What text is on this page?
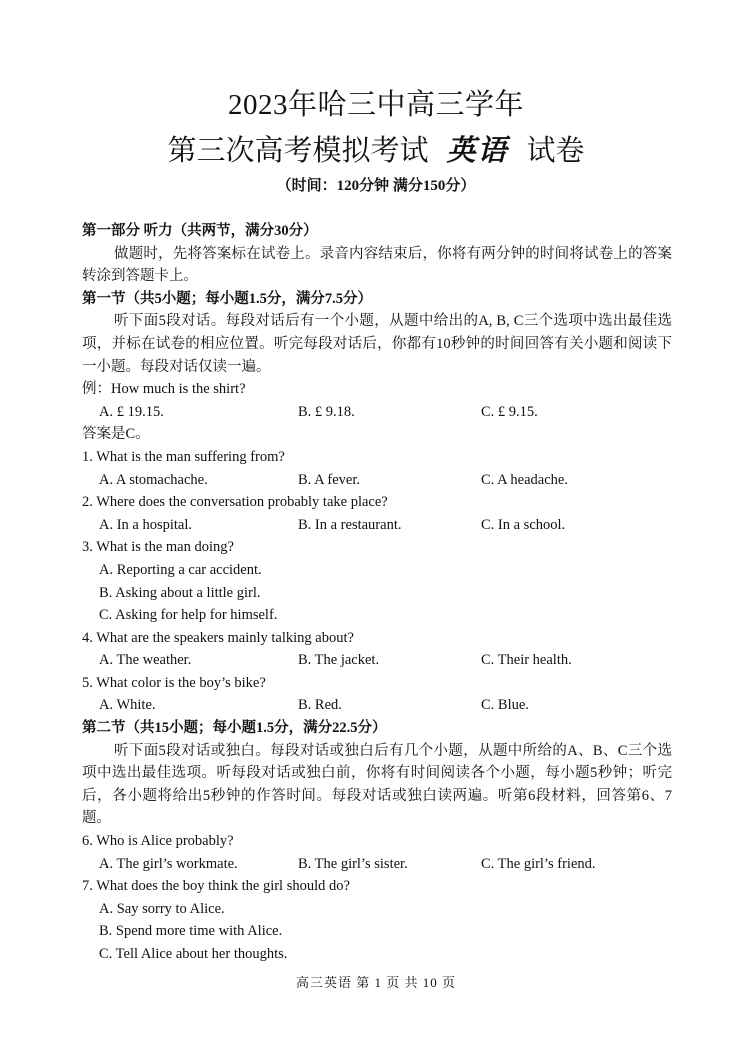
2023年哈三中高三学年
第三次高考模拟考试 英语 试卷
（时间：120分钟 满分150分）
第一部分 听力（共两节，满分30分）
做题时，先将答案标在试卷上。录音内容结束后，你将有两分钟的时间将试卷上的答案转涂到答题卡上。
第一节（共5小题；每小题1.5分，满分7.5分）
听下面5段对话。每段对话后有一个小题，从题中给出的A, B, C三个选项中选出最佳选项，并标在试卷的相应位置。听完每段对话后，你都有10秒钟的时间回答有关小题和阅读下一小题。每段对话仅读一遍。
例：How much is the shirt?
A. £ 19.15.	B. £ 9.18.	C. £ 9.15.
答案是C。
1. What is the man suffering from?
A. A stomachache.	B. A fever.	C. A headache.
2. Where does the conversation probably take place?
A. In a hospital.	B. In a restaurant.	C. In a school.
3. What is the man doing?
A. Reporting a car accident.
B. Asking about a little girl.
C. Asking for help for himself.
4. What are the speakers mainly talking about?
A. The weather.	B. The jacket.	C. Their health.
5. What color is the boy’s bike?
A. White.	B. Red.	C. Blue.
第二节（共15小题；每小题1.5分，满分22.5分）
听下面5段对话或独白。每段对话或独白后有几个小题，从题中所给的A、B、C三个选项中选出最佳选项。听每段对话或独白前，你将有时间阅读各个小题，每小题5秒钟；听完后，各小题将给出5秒钟的作答时间。每段对话或独白读两遍。听第6段材料，回答第6、7题。
6. Who is Alice probably?
A. The girl’s workmate.	B. The girl’s sister.	C. The girl’s friend.
7. What does the boy think the girl should do?
A. Say sorry to Alice.
B. Spend more time with Alice.
C. Tell Alice about her thoughts.
高三英语 第 1 页 共 10 页
